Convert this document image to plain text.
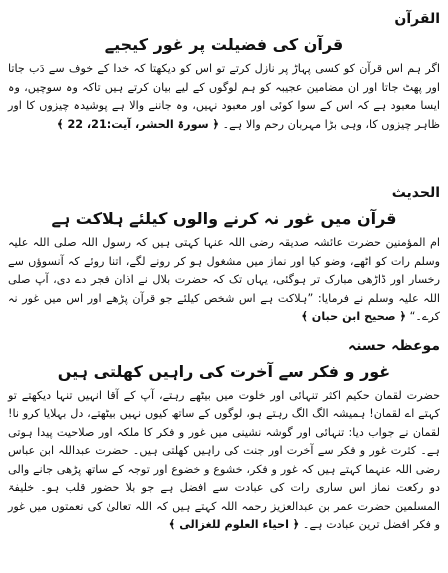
القرآن
قرآن کی فضیلت پر غور کیجیے
اگر ہم اس قرآن کو کسی پہاڑ پر نازل کرتے تو اس کو دیکھتا کہ خدا کے خوف سے دَب جاتا اور پھٹ جاتا اور ان مضامین عجیبہ کو ہم لوگوں کے لیے بیان کرتے ہیں تاکہ وہ سوچیں، وہ ایسا معبود ہے کہ اس کے سوا کوئی اور معبود نہیں، وہ جاننے والا ہے پوشیدہ چیزوں کا اور ظاہر چیزوں کا، وہی بڑا مہربان رحم والا ہے۔ ﴿ سورۃ الحشر، آیت:21، 22 ﴾
الحدیث
قرآن میں غور نہ کرنے والوں کیلئے ہلاکت ہے
ام المؤمنین حضرت عائشہ صدیقہ رضی اللہ عنہا کہتی ہیں کہ رسول اللہ صلی اللہ علیہ وسلم رات کو اٹھے، وضو کیا اور نماز میں مشغول ہو کر رونے لگے، اتنا روئے کہ آنسوؤں سے رخسار اور ڈاڑھی مبارک تر ہوگئی، یہاں تک کہ حضرت بلال نے اذان فجر دے دی، آپ صلی اللہ علیہ وسلم نے فرمایا: ”ہلاکت ہے اس شخص کیلئے جو قرآن پڑھے اور اس میں غور نہ کرے۔“ ﴿ صحیح ابن حبان ﴾
موعظہ حسنہ
غور و فکر سے آخرت کی راہیں کھلتی ہیں
حضرت لقمان حکیم اکثر تنہائی اور خلوت میں بیٹھے رہتے، آپ کے آقا انہیں تنہا دیکھتے تو کہتے اے لقمان! ہمیشہ الگ الگ رہتے ہو، لوگوں کے ساتھ کیوں نہیں بیٹھتے، دل بہلایا کرو نا! لقمان نے جواب دیا: تنہائی اور گوشہ نشینی میں غور و فکر کا ملکہ اور صلاحیت پیدا ہوتی ہے۔ کثرت غور و فکر سے آخرت اور جنت کی راہیں کھلتی ہیں۔ حضرت عبداللہ ابن عباس رضی اللہ عنہما کہتے ہیں کہ غور و فکر، خشوع و خضوع اور توجہ کے ساتھ پڑھی جانے والی دو رکعت نماز اس ساری رات کی عبادت سے افضل ہے جو بلا حضور قلب ہو۔ خلیفۃ المسلمین حضرت عمر بن عبدالعزیز رحمہ اللہ کہتے ہیں کہ اللہ تعالیٰ کی نعمتوں میں غور و فکر افضل ترین عبادت ہے۔ ﴿ احیاء العلوم للغزالی ﴾
